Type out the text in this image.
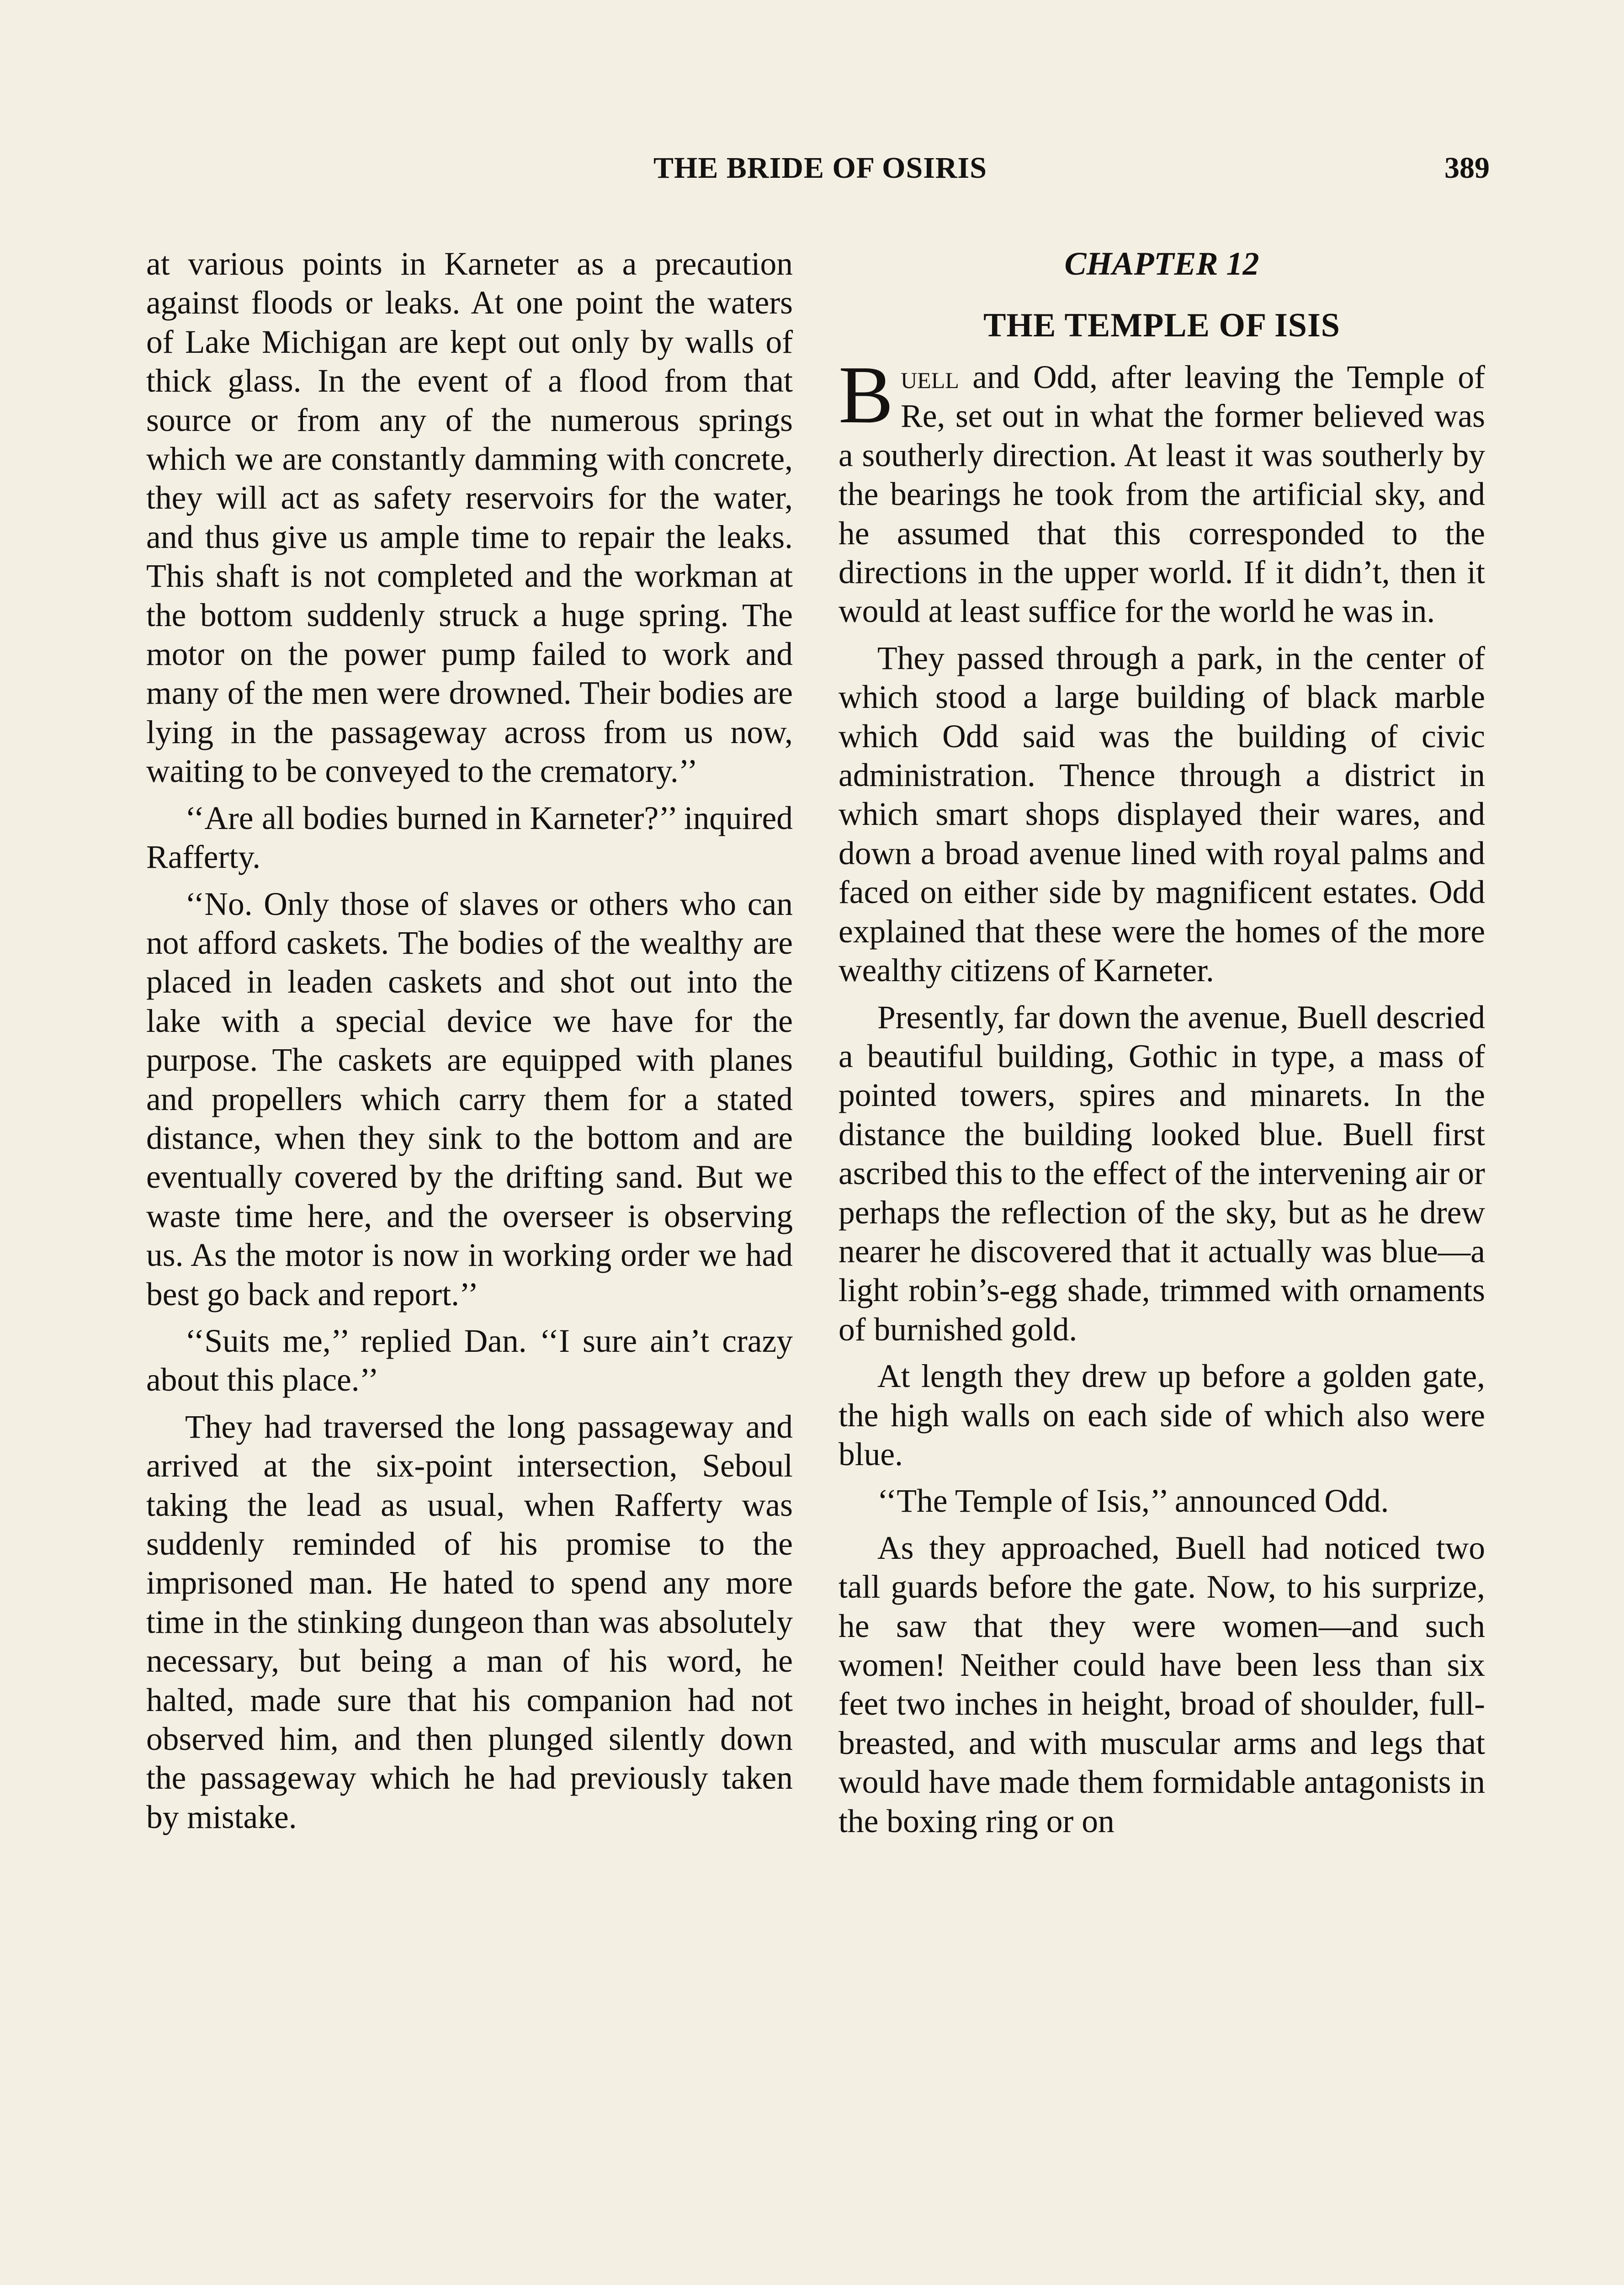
THE BRIDE OF OSIRIS	389

at various points in Karneter as a precaution against floods or leaks. At one point the waters of Lake Michigan are kept out only by walls of thick glass. In the event of a flood from that source or from any of the numerous springs which we are constantly damming with concrete, they will act as safety reservoirs for the water, and thus give us ample time to repair the leaks. This shaft is not completed and the workman at the bottom suddenly struck a huge spring. The motor on the power pump failed to work and many of the men were drowned. Their bodies are lying in the passageway across from us now, waiting to be conveyed to the crematory.’’

‘‘Are all bodies burned in Karneter?’’ inquired Rafferty.

‘‘No. Only those of slaves or others who can not afford caskets. The bodies of the wealthy are placed in leaden caskets and shot out into the lake with a special device we have for the purpose. The caskets are equipped with planes and propellers which carry them for a stated distance, when they sink to the bottom and are eventually covered by the drifting sand. But we waste time here, and the overseer is observing us. As the motor is now in working order we had best go back and report.’’

‘‘Suits me,’’ replied Dan. ‘‘I sure ain’t crazy about this place.’’

They had traversed the long passageway and arrived at the six-point intersection, Seboul taking the lead as usual, when Rafferty was suddenly reminded of his promise to the imprisoned man. He hated to spend any more time in the stinking dungeon than was absolutely necessary, but being a man of his word, he halted, made sure that his companion had not observed him, and then plunged silently down the passageway which he had previously taken by mistake.

CHAPTER 12
THE TEMPLE OF ISIS

Buell and Odd, after leaving the Temple of Re, set out in what the former believed was a southerly direction. At least it was southerly by the bearings he took from the artificial sky, and he assumed that this corresponded to the directions in the upper world. If it didn’t, then it would at least suffice for the world he was in.

They passed through a park, in the center of which stood a large building of black marble which Odd said was the building of civic administration. Thence through a district in which smart shops displayed their wares, and down a broad avenue lined with royal palms and faced on either side by magnificent estates. Odd explained that these were the homes of the more wealthy citizens of Karneter.

Presently, far down the avenue, Buell descried a beautiful building, Gothic in type, a mass of pointed towers, spires and minarets. In the distance the building looked blue. Buell first ascribed this to the effect of the intervening air or perhaps the reflection of the sky, but as he drew nearer he discovered that it actually was blue—a light robin’s-egg shade, trimmed with ornaments of burnished gold.

At length they drew up before a golden gate, the high walls on each side of which also were blue.

‘‘The Temple of Isis,’’ announced Odd.

As they approached, Buell had noticed two tall guards before the gate. Now, to his surprize, he saw that they were women—and such women! Neither could have been less than six feet two inches in height, broad of shoulder, full-breasted, and with muscular arms and legs that would have made them formidable antagonists in the boxing ring or on
